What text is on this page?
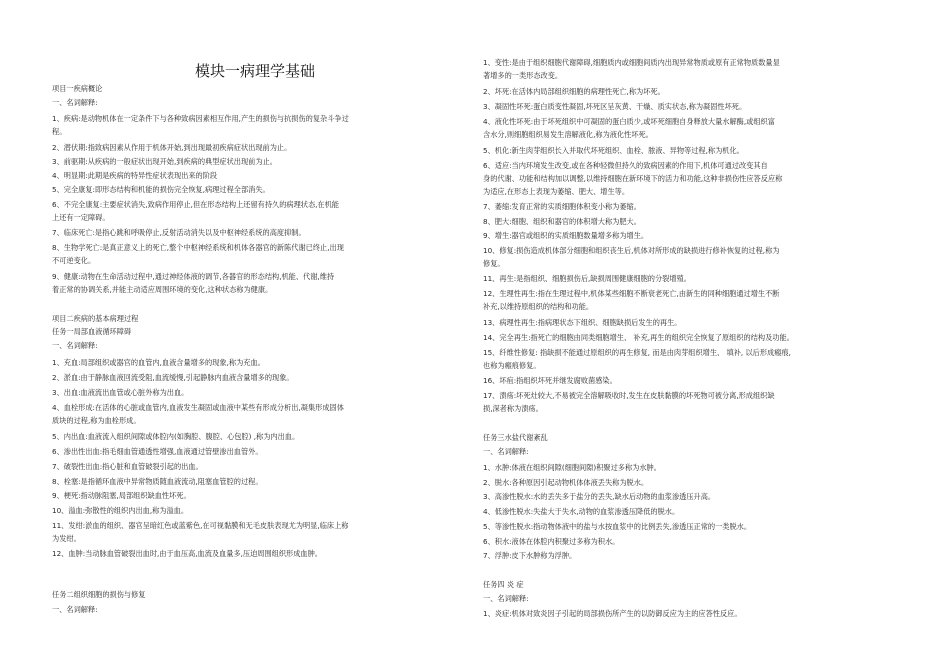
模块一病理学基础
项目一疾病概论
一、名词解释:
1、疾病:是动物机体在一定条件下与各种致病因素相互作用,产生的损伤与抗损伤的复杂斗争过
程。
2、潜伏期:指致病因素从作用于机体开始,到出现最初疾病症状出现前为止。
3、前驱期:从疾病的一般症状出现开始,到疾病的典型症状出现前为止。
4、明显期:此期是疾病的特异性症状表现出来的阶段
5、完全康复:即形态结构和机能的损伤完全恢复,病理过程全部消失。
6、不完全康复:主要症状消失,致病作用停止,但在形态结构上还留有持久的病理状态,在机能
上还有一定障碍。
7、临床死亡:是指心跳和呼吸停止,反射活动消失以及中枢神经系统的高度抑制。
8、生物学死亡:是真正意义上的死亡,整个中枢神经系统和机体各器官的新陈代谢已终止,出现
不可逆变化。
9、健康:动物在生命活动过程中,通过神经体液的调节,各器官的形态结构,机能、代谢,维持
着正常的协调关系,并能主动适应周围环境的变化,这种状态称为健康。
项目二疾病的基本病理过程
任务一局部血液循环障碍
一、名词解释:
1、充血:局部组织或器官的血管内,血液含量增多的现象,称为充血。
2、淤血:由于静脉血液回流受阻,血流缓慢,引起静脉内血液含量增多的现象。
3、出血:血液流出血管或心脏外称为出血。
4、血栓形成:在活体的心脏或血管内,血液发生凝固或血液中某些有形成分析出,凝集形成固体
质块的过程,称为血栓形成。
5、内出血:血液流入组织间隙或体腔内(如胸腔、腹腔、心包腔) ,称为内出血。
6、渗出性出血:指毛细血管通透性增强,血液通过管壁渗出血管外。
7、破裂性出血:指心脏和血管破裂引起的出血。
8、栓塞:是指循环血液中异常物质随血液流动,阻塞血管腔的过程。
9、梗死:指动脉阻塞,局部组织缺血性坏死。
10、溢血:弥散性的组织内出血,称为溢血。
11、发绀:淤血的组织、器官呈暗红色或蓝紫色,在可视黏膜和无毛皮肤表现尤为明显,临床上称
为发绀。
12、血肿:当动脉血管破裂出血时,由于血压高,血流及血量多,压迫周围组织形成血肿。
任务二组织细胞的损伤与修复
一、名词解释:
1、变性:是由于组织细胞代谢障碍,细胞质内或细胞间质内出现异常物质或原有正常物质数量显
著增多的一类形态改变。
2、坏死:在活体内局部组织细胞的病理性死亡,称为坏死。
3、凝固性坏死:蛋白质变性凝固,坏死区呈灰黄、干燥、质实状态,称为凝固性坏死。
4、液化性坏死:由于坏死组织中可凝固的蛋白质少,或坏死细胞自身释放大量水解酶,或组织富
含水分,则细胞组织易发生溶解液化,称为液化性坏死。
5、机化:新生肉芽组织长入并取代坏死组织、血栓、脓液、异物等过程,称为机化。
6、适应:当内环境发生改变,或在各种轻微但持久的致病因素的作用下,机体可通过改变其自
身的代谢、功能和结构加以调整,以维持细胞在新环境下的活力和功能,这种非损伤性应答反应称
为适应,在形态上表现为萎缩、肥大、增生等。
7、萎缩:发育正常的实质细胞体积变小称为萎缩。
8、肥大:细胞、组织和器官的体积增大称为肥大。
9、增生:器官或组织的实质细胞数量增多称为增生。
10、修复:损伤造成机体部分细胞和组织丧生后,机体对所形成的缺损进行修补恢复的过程,称为
修复。
11、再生:是指组织、细胞损伤后,缺损周围健康细胞的分裂增殖。
12、生理性再生:指在生理过程中,机体某些细胞不断衰老死亡,由新生的同种细胞通过增生不断
补充,以维持原组织的结构和功能。
13、病理性再生:指病理状态下组织、细胞缺损后发生的再生。
14、完全再生:指死亡的细胞由同类细胞增生、 补充,再生的组织完全恢复了原组织的结构及功能。
15、纤维性修复: 指缺损不能通过原组织的再生修复, 而是由肉芽组织增生、 填补, 以后形成瘢痕,
也称为瘢痕修复。
16、坏疽:指组织坏死并继发腐败菌感染。
17、溃疡:坏死灶较大,不易被完全溶解吸收时,发生在皮肤黏膜的坏死物可被分离,形成组织缺
损,深者称为溃疡。
任务三水盐代谢紊乱
一、名词解释:
1、水肿:体液在组织间隙(细胞间隙)积聚过多称为水肿。
2、脱水:各种原因引起动物机体体液丢失称为脱水。
3、高渗性脱水:水的丢失多于盐分的丢失,缺水后动物的血浆渗透压升高。
4、低渗性脱水:失盐大于失水,动物的血浆渗透压降低的脱水。
5、等渗性脱水:指动物体液中的盐与水按血浆中的比例丢失,渗透压正常的一类脱水。
6、积水:液体在体腔内积聚过多称为积水。
7、浮肿:皮下水肿称为浮肿。
任务四 炎 症
一、名词解释:
1、炎症:机体对致炎因子引起的局部损伤所产生的以防御反应为主的应答性反应。
